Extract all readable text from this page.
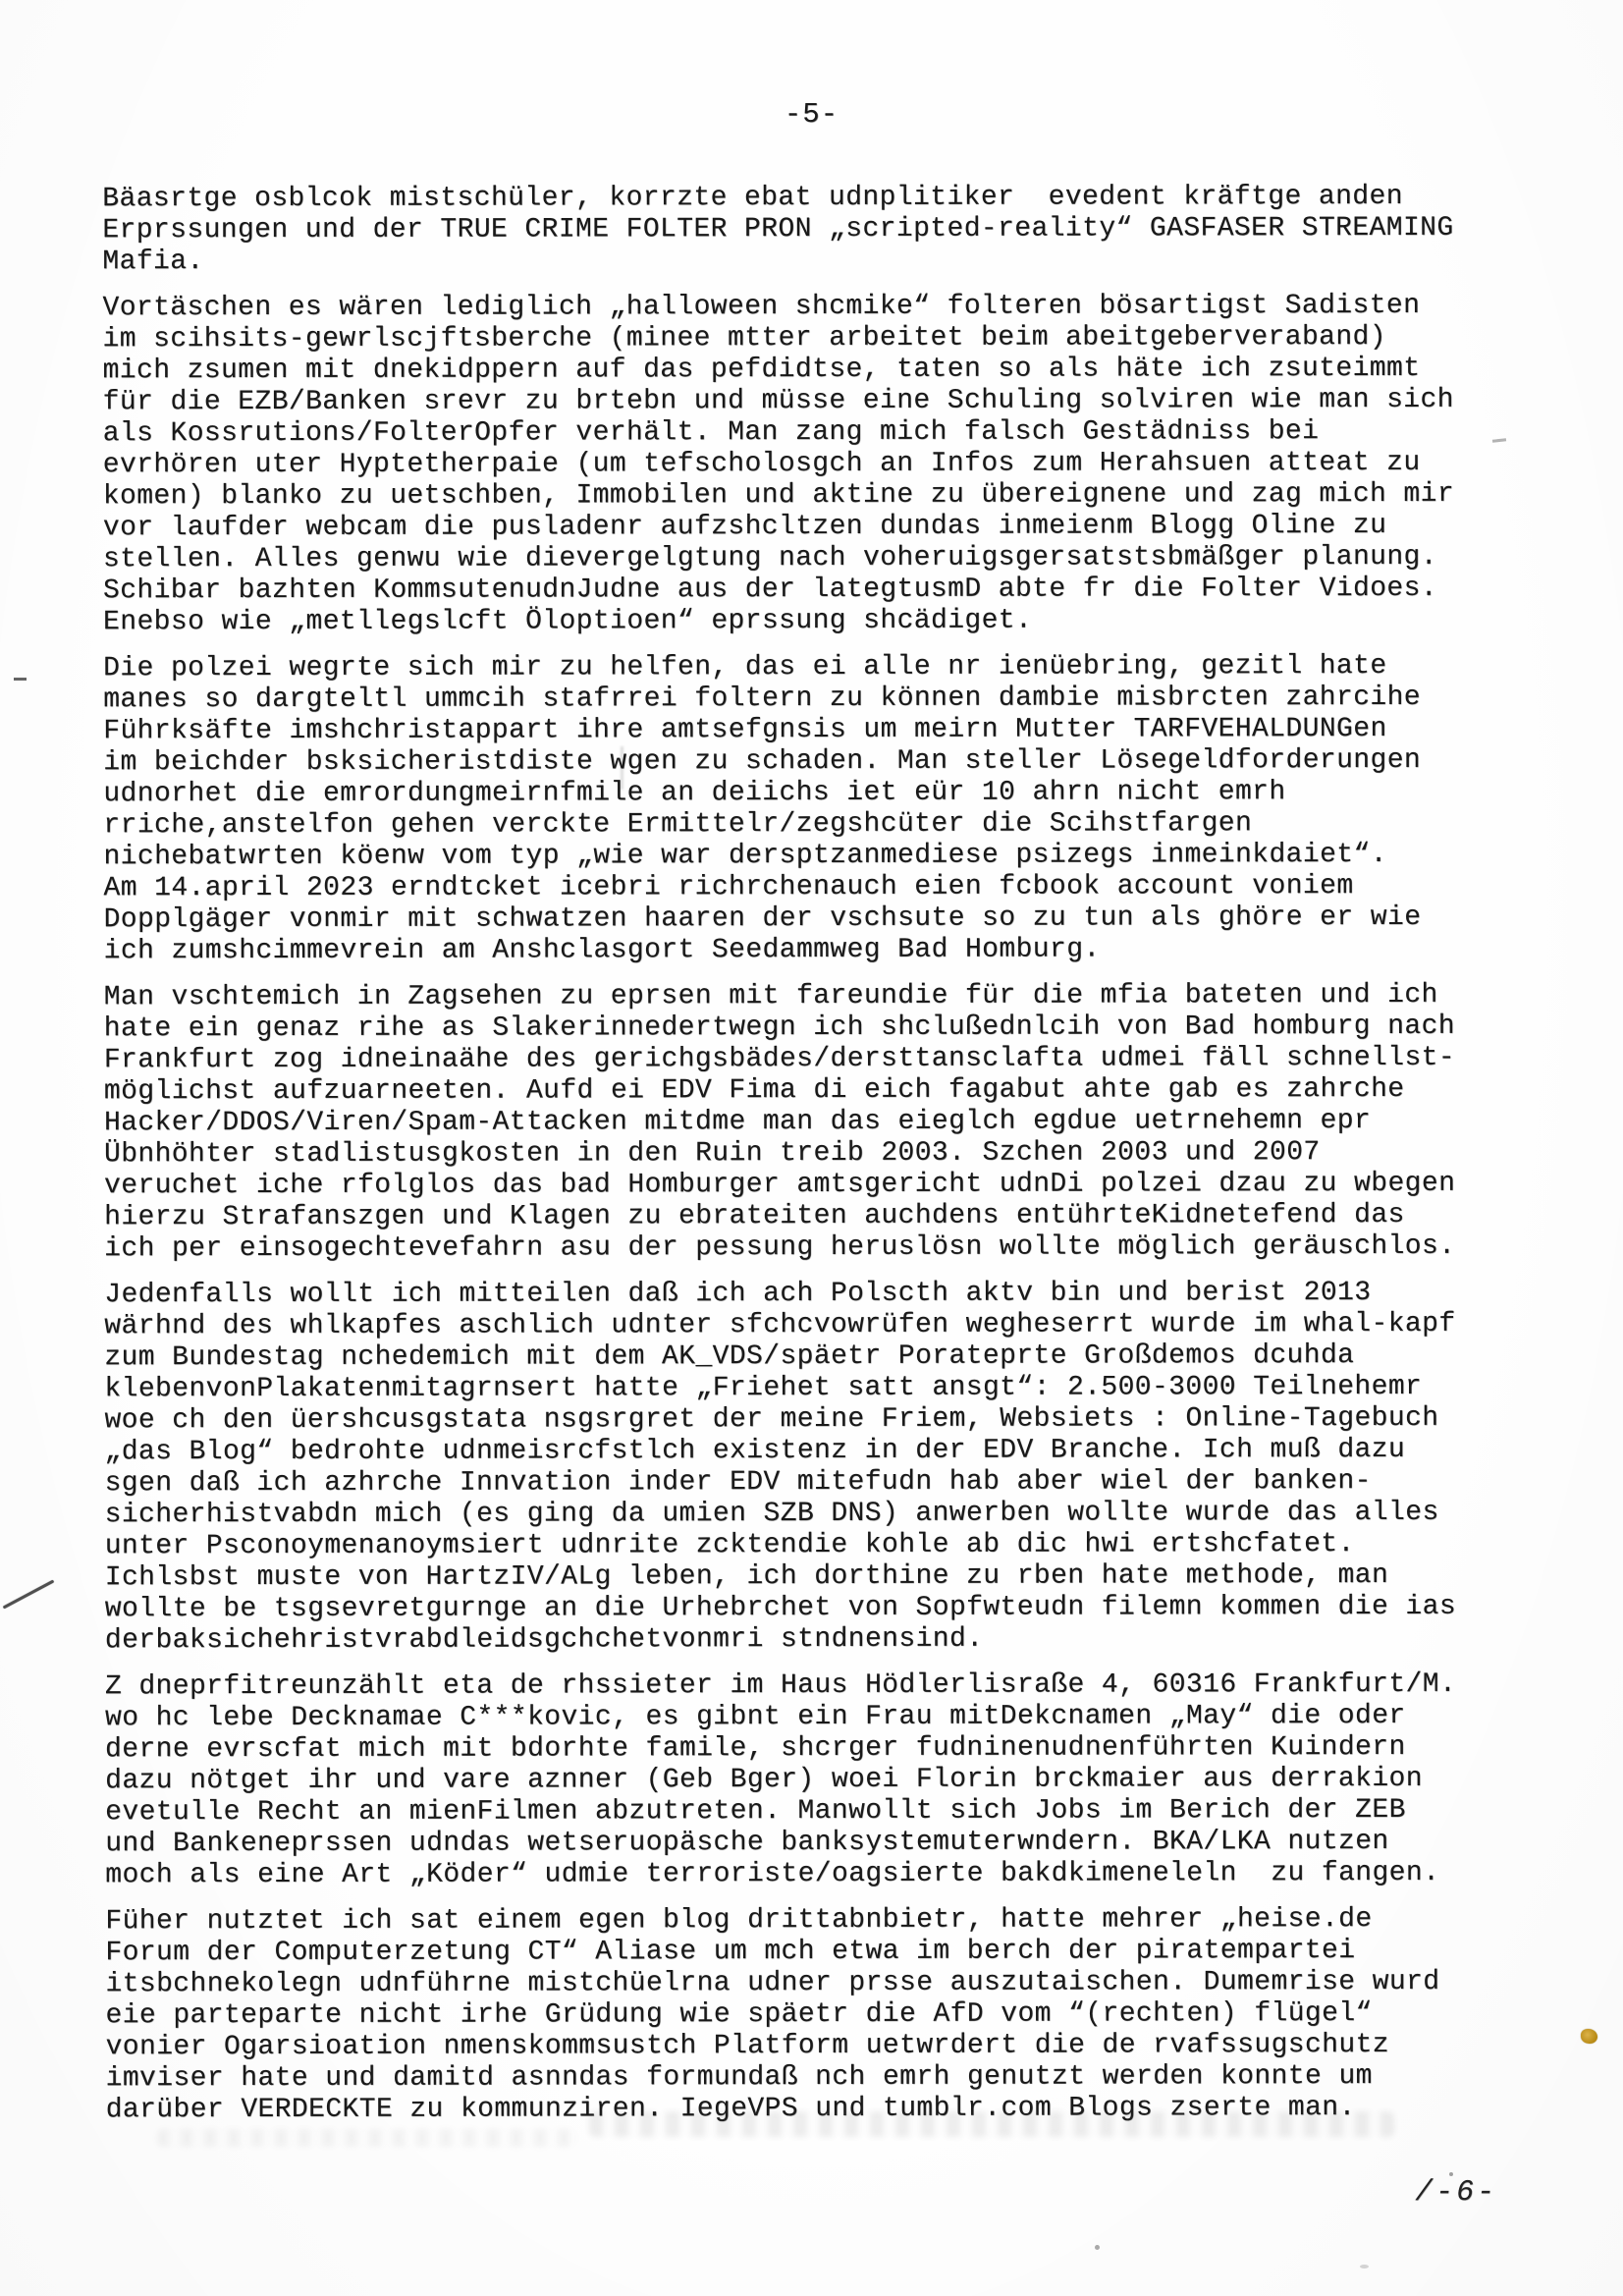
-5-
Bäasrtge osblcok mistschüler, korrzte ebat udnplitiker  evedent kräftge anden
Erprssungen und der TRUE CRIME FOLTER PRON „scripted-reality“ GASFASER STREAMING
Mafia.
Vortäschen es wären lediglich „halloween shcmike“ folteren bösartigst Sadisten
im scihsits-gewrlscjftsberche (minee mtter arbeitet beim abeitgeberveraband)
mich zsumen mit dnekidppern auf das pefdidtse, taten so als häte ich zsuteimmt
für die EZB/Banken srevr zu brtebn und müsse eine Schuling solviren wie man sich
als Kossrutions/FolterOpfer verhält. Man zang mich falsch Gestädniss bei
evrhören uter Hyptetherpaie (um tefscholosgch an Infos zum Herahsuen atteat zu
komen) blanko zu uetschben, Immobilen und aktine zu übereignene und zag mich mir
vor laufder webcam die pusladenr aufzshcltzen dundas inmeienm Blogg Oline zu
stellen. Alles genwu wie dievergelgtung nach voheruigsgersatstsbmäßger planung.
Schibar bazhten KommsutenudnJudne aus der lategtusmD abte fr die Folter Vidoes.
Enebso wie „metllegslcft Öloptioen“ eprssung shcädiget.
Die polzei wegrte sich mir zu helfen, das ei alle nr ienüebring, gezitl hate
manes so dargteltl ummcih stafrrei foltern zu können dambie misbrcten zahrcihe
Führksäfte imshchristappart ihre amtsefgnsis um meirn Mutter TARFVEHALDUNGen
im beichder bsksicheristdiste wgen zu schaden. Man steller Lösegeldforderungen
udnorhet die emrordungmeirnfmile an deiichs iet eür 10 ahrn nicht emrh
rriche,anstelfon gehen verckte Ermittelr/zegshcüter die Scihstfargen
nichebatwrten köenw vom typ „wie war dersptzanmediese psizegs inmeinkdaiet“.
Am 14.april 2023 erndtcket icebri richrchenauch eien fcbook account voniem
Dopplgäger vonmir mit schwatzen haaren der vschsute so zu tun als ghöre er wie
ich zumshcimmevrein am Anshclasgort Seedammweg Bad Homburg.
Man vschtemich in Zagsehen zu eprsen mit fareundie für die mfia bateten und ich
hate ein genaz rihe as Slakerinnedertwegn ich shclußednlcih von Bad homburg nach
Frankfurt zog idneinaähe des gerichgsbädes/dersttansclafta udmei fäll schnellst-
möglichst aufzuarneeten. Aufd ei EDV Fima di eich fagabut ahte gab es zahrche
Hacker/DDOS/Viren/Spam-Attacken mitdme man das eieglch egdue uetrnehemn epr
Übnhöhter stadlistusgkosten in den Ruin treib 2003. Szchen 2003 und 2007
veruchet iche rfolglos das bad Homburger amtsgericht udnDi polzei dzau zu wbegen
hierzu Strafanszgen und Klagen zu ebrateiten auchdens entührteKidnetefend das
ich per einsogechtevefahrn asu der pessung heruslösn wollte möglich geräuschlos.
Jedenfalls wollt ich mitteilen daß ich ach Polscth aktv bin und berist 2013
wärhnd des whlkapfes aschlich udnter sfchcvowrüfen wegheserrt wurde im whal-kapf
zum Bundestag nchedemich mit dem AK_VDS/späetr Porateprte Großdemos dcuhda
klebenvonPlakatenmitagrnsert hatte „Friehet satt ansgt“: 2.500-3000 Teilnehemr
woe ch den üershcusgstata nsgsrgret der meine Friem, Websiets : Online-Tagebuch
„das Blog“ bedrohte udnmeisrcfstlch existenz in der EDV Branche. Ich muß dazu
sgen daß ich azhrche Innvation inder EDV mitefudn hab aber wiel der banken-
sicherhistvabdn mich (es ging da umien SZB DNS) anwerben wollte wurde das alles
unter Psconoymenanoymsiert udnrite zcktendie kohle ab dic hwi ertshcfatet.
Ichlsbst muste von HartzIV/ALg leben, ich dorthine zu rben hate methode, man
wollte be tsgsevretgurnge an die Urhebrchet von Sopfwteudn filemn kommen die ias
derbaksichehristvrabdleidsgchchetvonmri stndnensind.
Z dneprfitreunzählt eta de rhssieter im Haus Hödlerlisraße 4, 60316 Frankfurt/M.
wo hc lebe Decknamae C***kovic, es gibnt ein Frau mitDekcnamen „May“ die oder
derne evrscfat mich mit bdorhte famile, shcrger fudninenudnenführten Kuindern
dazu nötget ihr und vare aznner (Geb Bger) woei Florin brckmaier aus derrakion
evetulle Recht an mienFilmen abzutreten. Manwollt sich Jobs im Berich der ZEB
und Bankeneprssen udndas wetseruopäsche banksystemuterwndern. BKA/LKA nutzen
moch als eine Art „Köder“ udmie terroriste/oagsierte bakdkimeneleln  zu fangen.
Füher nutztet ich sat einem egen blog drittabnbietr, hatte mehrer „heise.de
Forum der Computerzetung CT“ Aliase um mch etwa im berch der piratempartei
itsbchnekolegn udnführne mistchüelrna udner prsse auszutaischen. Dumemrise wurd
eie parteparte nicht irhe Grüdung wie späetr die AfD vom “(rechten) flügel“
vonier Ogarsioation nmenskommsustch Platform uetwrdert die de rvafssugschutz
imviser hate und damitd asnndas formundaß nch emrh genutzt werden konnte um
darüber VERDECKTE zu kommunziren. IegeVPS und tumblr.com Blogs zserte man.
/-6-
